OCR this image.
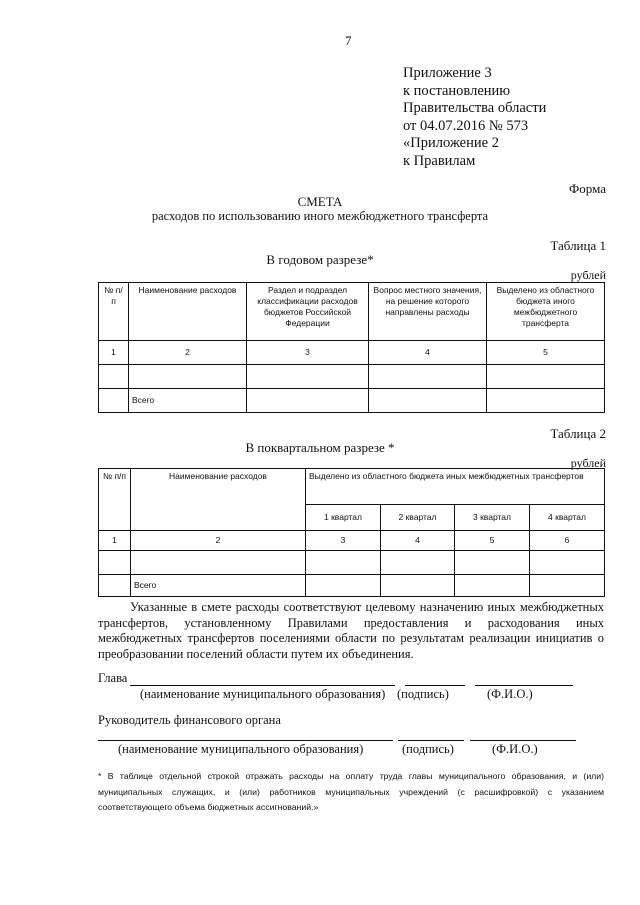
7
Приложение 3
к постановлению
Правительства области
от 04.07.2016 № 573
«Приложение 2
к Правилам
Форма
СМЕТА
расходов по использованию иного межбюджетного трансферта
Таблица 1
В годовом разрезе*
рублей
№ п/п	Наименование расходов	Раздел и подраздел классификации расходов бюджетов Российской Федерации	Вопрос местного значения, на решение которого направлены расходы	Выделено из областного бюджета иного межбюджетного трансферта
1	2	3	4	5

	Всего			
Таблица 2
В поквартальном разрезе *
рублей
№ п/п	Наименование расходов	Выделено из областного бюджета иных межбюджетных трансфертов			
		1 квартал	2 квартал	3 квартал	4 квартал
1	2	3	4	5	6

	Всего				

Указанные в смете расходы соответствуют целевому назначению иных межбюджетных трансфертов, установленному Правилами предоставления и расходования иных межбюджетных трансфертов поселениями области по результатам реализации инициатив о преобразовании поселений области путем их объединения.

Глава
(наименование муниципального образования) (подпись)	(Ф.И.О.)
Руководитель финансового органа
(наименование муниципального образования)	(подпись)	(Ф.И.О.)
* В таблице отдельной строкой отражать расходы на оплату труда главы муниципального образования, и (или) муниципальных служащих, и (или) работников муниципальных учреждений (с расшифровкой) с указанием соответствующего объема бюджетных ассигнований.»
